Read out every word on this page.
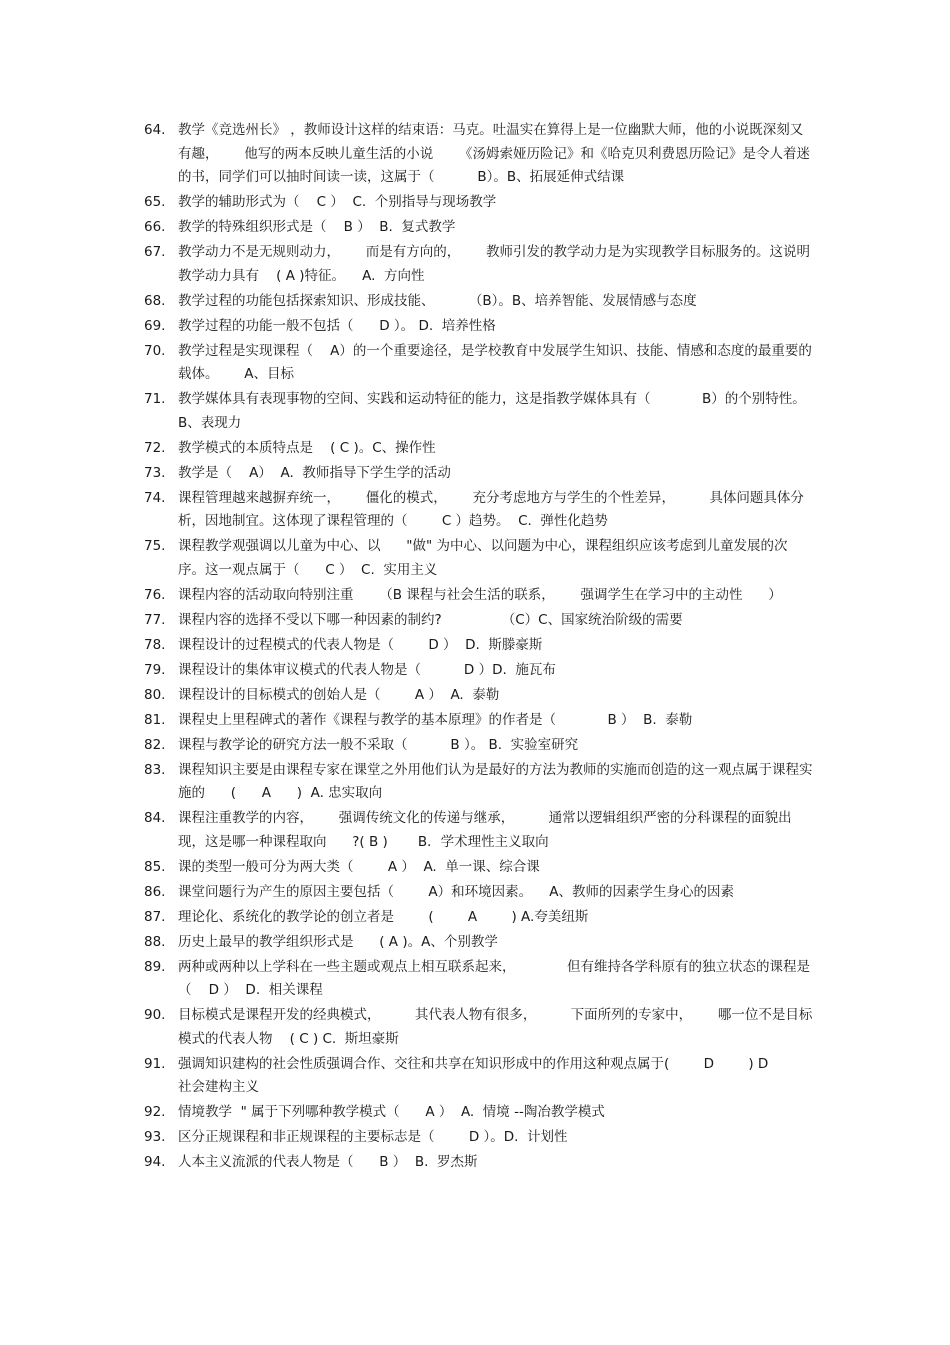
64. 教学《竞选州长》 ，教师设计这样的结束语：马克。吐温实在算得上是一位幽默大师，他的小说既深刻又有趣，      他写的两本反映儿童生活的小说      《汤姆索娅历险记》和《哈克贝利费恩历险记》是令人着迷的书，同学们可以抽时间读一读，这属于（          B）。B、拓展延伸式结课
65. 教学的辅助形式为（    C ）  C.  个别指导与现场教学
66. 教学的特殊组织形式是（    B ）  B.  复式教学
67. 教学动力不是无规则动力，      而是有方向的，      教师引发的教学动力是为实现教学目标服务的。这说明教学动力具有    ( A )特征。    A.  方向性
68. 教学过程的功能包括探索知识、形成技能、        （B）。B、培养智能、发展情感与态度
69. 教学过程的功能一般不包括（      D ）。 D.  培养性格
70. 教学过程是实现课程（    A）的一个重要途径，是学校教育中发展学生知识、技能、情感和态度的最重要的载体。      A、目标
71. 教学媒体具有表现事物的空间、实践和运动特征的能力，这是指教学媒体具有（            B）的个别特性。  B、表现力
72. 教学模式的本质特点是    ( C )。C、操作性
73. 教学是（    A）  A.  教师指导下学生学的活动
74. 课程管理越来越摒弃统一，      僵化的模式，      充分考虑地方与学生的个性差异，        具体问题具体分析，因地制宜。这体现了课程管理的（        C ）趋势。  C.  弹性化趋势
75. 课程教学观强调以儿童为中心、以      "做" 为中心、以问题为中心，课程组织应该考虑到儿童发展的次序。这一观点属于（      C ）  C.  实用主义
76. 课程内容的活动取向特别注重      （B 课程与社会生活的联系，      强调学生在学习中的主动性      ）
77. 课程内容的选择不受以下哪一种因素的制约?              （C）C、国家统治阶级的需要
78. 课程设计的过程模式的代表人物是（        D ）  D.  斯滕豪斯
79. 课程设计的集体审议模式的代表人物是（          D ）D.  施瓦布
80. 课程设计的目标模式的创始人是（        A ）  A.  泰勒
81. 课程史上里程碑式的著作《课程与教学的基本原理》的作者是（            B ）  B.  泰勒
82. 课程与教学论的研究方法一般不采取（          B ）。 B.  实验室研究
83. 课程知识主要是由课程专家在课堂之外用他们认为是最好的方法为教师的实施而创造的这一观点属于课程实施的      (      A      )  A. 忠实取向
84. 课程注重教学的内容，      强调传统文化的传递与继承，        通常以逻辑组织严密的分科课程的面貌出现，这是哪一种课程取向      ?( B )       B．学术理性主义取向
85. 课的类型一般可分为两大类（        A ）  A.  单一课、综合课
86. 课堂问题行为产生的原因主要包括（        A）和环境因素。    A、教师的因素学生身心的因素
87. 理论化、系统化的教学论的创立者是        (        A        ) A.夸美纽斯
88. 历史上最早的教学组织形式是      ( A )。A、个别教学
89. 两种或两种以上学科在一些主题或观点上相互联系起来，            但有维持各学科原有的独立状态的课程是（    D ）  D.  相关课程
90. 目标模式是课程开发的经典模式，        其代表人物有很多，        下面所列的专家中，      哪一位不是目标模式的代表人物    ( C ) C.  斯坦豪斯
91. 强调知识建构的社会性质强调合作、交往和共享在知识形成中的作用这种观点属于(        D        ) D        社会建构主义
92. 情境教学  " 属于下列哪种教学模式（      A ）  A.  情境 --陶冶教学模式
93. 区分正规课程和非正规课程的主要标志是（        D ）。D.  计划性
94. 人本主义流派的代表人物是（      B ）  B.  罗杰斯
